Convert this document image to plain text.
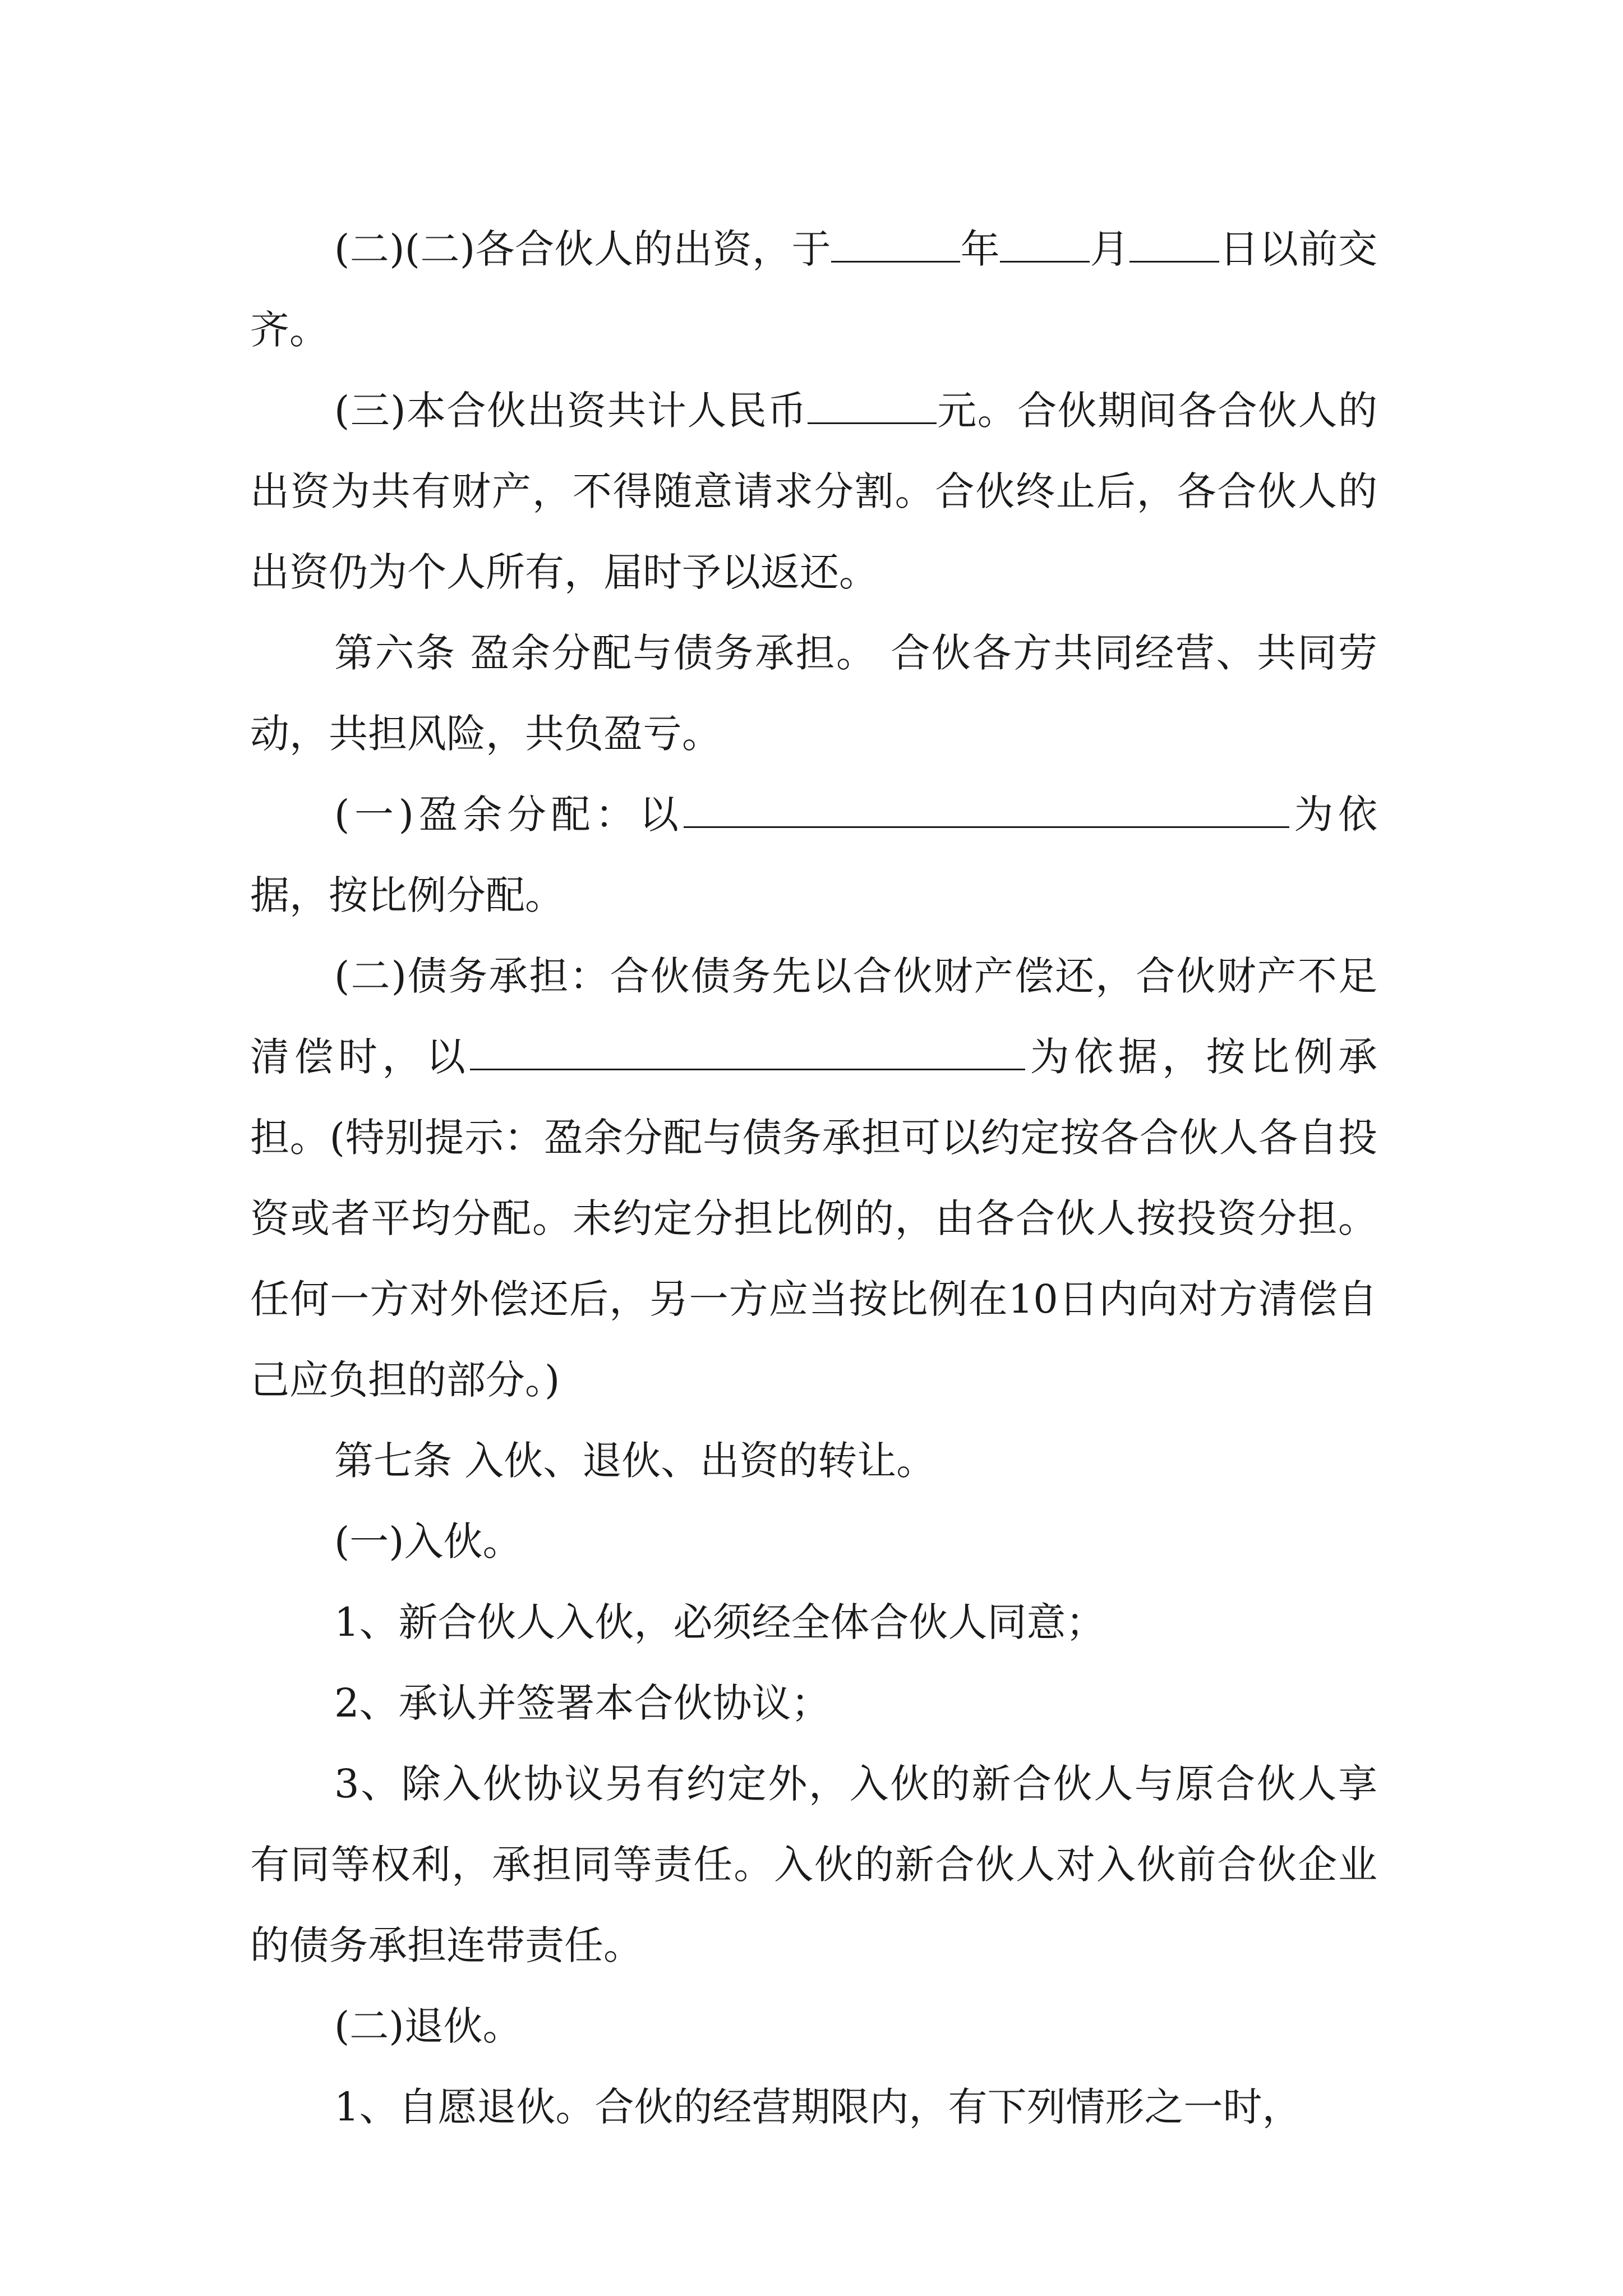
(二)(二)各合伙人的出资，于	年 月 日以前交齐。

(三)本合伙出资共计人民币	元。合伙期间各合伙人的出资为共有财产，不得随意请求分割。合伙终止后，各合伙人的出资仍为个人所有，届时予以返还。

第六条 盈余分配与债务承担。 合伙各方共同经营、共同劳动，共担风险，共负盈亏。

(一)盈余分配：以	为依据，按比例分配。

(二)债务承担：合伙债务先以合伙财产偿还，合伙财产不足清偿时，以	为依据，按比例承担。(特别提示：盈余分配与债务承担可以约定按各合伙人各自投资或者平均分配。未约定分担比例的，由各合伙人按投资分担。任何一方对外偿还后，另一方应当按比例在10日内向对方清偿自己应负担的部分。)

第七条 入伙、退伙、出资的转让。

(一)入伙。

1、新合伙人入伙，必须经全体合伙人同意；

2、承认并签署本合伙协议；

3、除入伙协议另有约定外，入伙的新合伙人与原合伙人享有同等权利，承担同等责任。入伙的新合伙人对入伙前合伙企业的债务承担连带责任。

(二)退伙。

1、自愿退伙。合伙的经营期限内，有下列情形之一时，
